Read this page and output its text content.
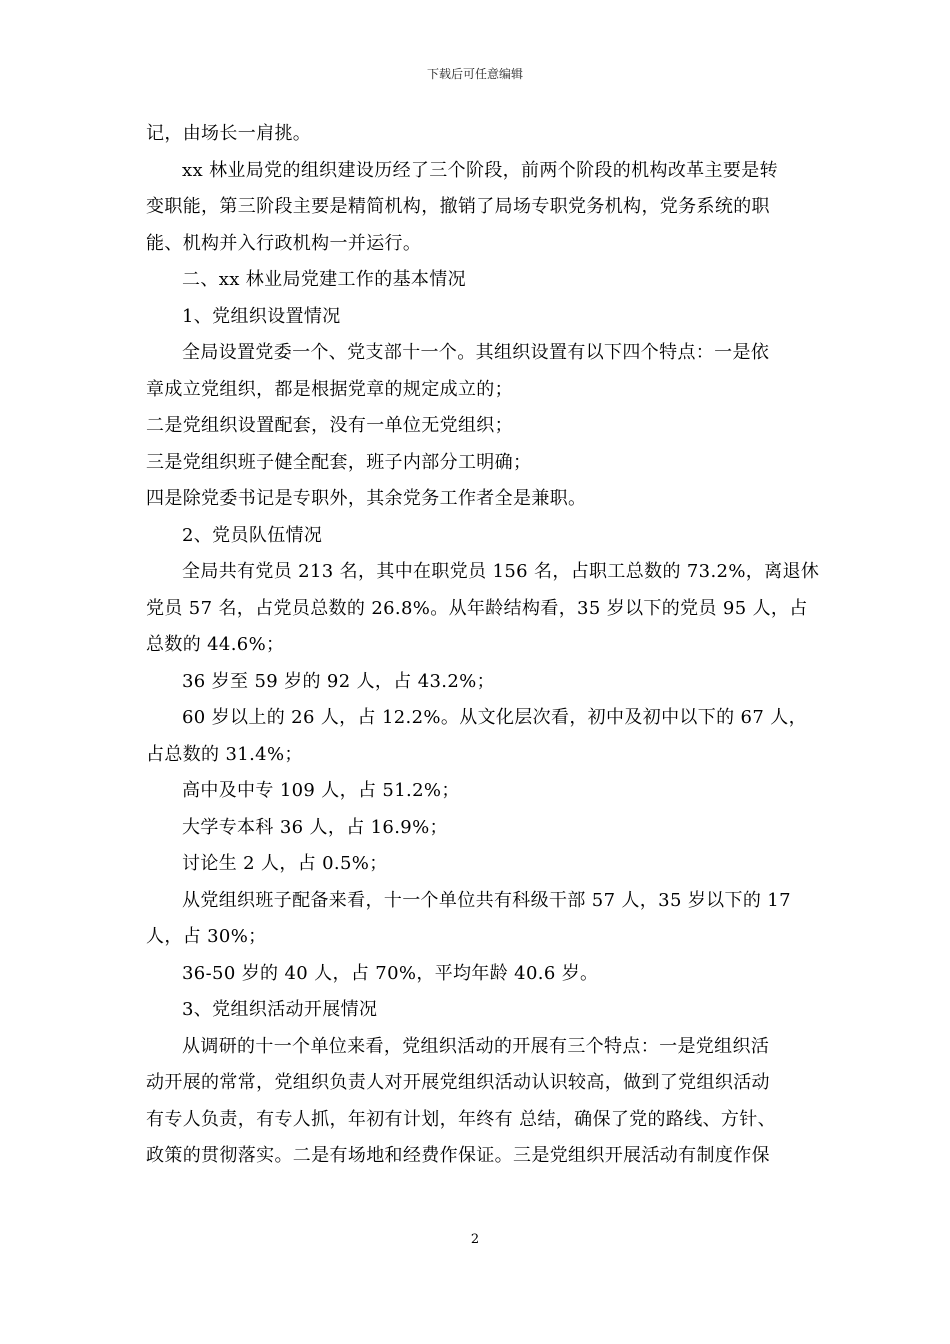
下载后可任意编辑
记，由场长一肩挑。
xx 林业局党的组织建设历经了三个阶段，前两个阶段的机构改革主要是转
变职能，第三阶段主要是精简机构，撤销了局场专职党务机构，党务系统的职
能、机构并入行政机构一并运行。
二、xx 林业局党建工作的基本情况
1、党组织设置情况
全局设置党委一个、党支部十一个。其组织设置有以下四个特点：一是依
章成立党组织，都是根据党章的规定成立的；
二是党组织设置配套，没有一单位无党组织；
三是党组织班子健全配套，班子内部分工明确；
四是除党委书记是专职外，其余党务工作者全是兼职。
2、党员队伍情况
全局共有党员 213 名，其中在职党员 156 名，占职工总数的 73.2%，离退休
党员 57 名，占党员总数的 26.8%。从年龄结构看，35 岁以下的党员 95 人，占
总数的 44.6%；
36 岁至 59 岁的 92 人，占 43.2%；
60 岁以上的 26 人，占 12.2%。从文化层次看，初中及初中以下的 67 人，
占总数的 31.4%；
高中及中专 109 人，占 51.2%；
大学专本科 36 人，占 16.9%；
讨论生 2 人，占 0.5%；
从党组织班子配备来看，十一个单位共有科级干部 57 人，35 岁以下的 17
人，占 30%；
36-50 岁的 40 人，占 70%，平均年龄 40.6 岁。
3、党组织活动开展情况
从调研的十一个单位来看，党组织活动的开展有三个特点：一是党组织活
动开展的常常，党组织负责人对开展党组织活动认识较高，做到了党组织活动
有专人负责，有专人抓，年初有计划，年终有 总结，确保了党的路线、方针、
政策的贯彻落实。二是有场地和经费作保证。三是党组织开展活动有制度作保
2
